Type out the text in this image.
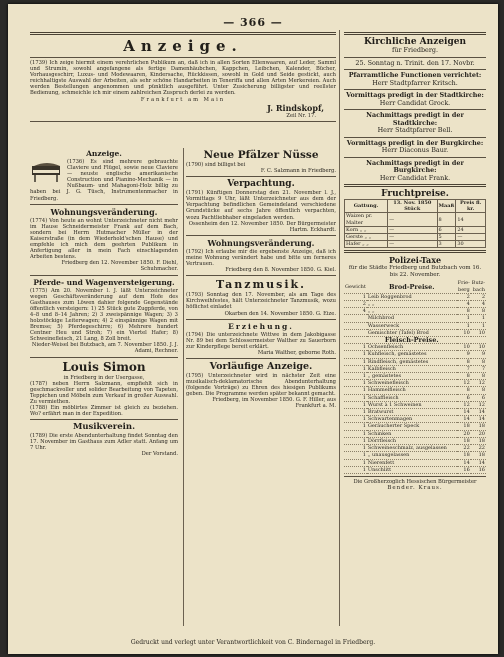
— 366 —
Anzeige.

(1739) Ich zeige hiermit einem verehrlichen Publikum an, daß ich in allen Sorten Ellenwaaren, auf Leder, Samml und Strumin, sowohl angefangene als fertige Damenhäubchen, Kappchen, Leibchen, Kalender, Bücher, Vorhausgeschirr, Luxus- und Modewaaren, Kindersache, Rückkissen, sowohl in Gold und Seide gestickt, auch reichhaltigste Auswahl der Arbeiten, als sehr schöne Handarbeiten in Teneriffa und allen Arten Merkereien. Auch werden Bestellungen angenommen und pünktlich ausgeführt. Unter Zusicherung billigster und reellster Bedienung, schmeichle ich mir einem zahlreichen Zuspruch derlei zu werden.

Frankfurt am Main
J. Rindskopf,
Zeil Nr. 17.
Anzeige.

(1736) Es sind mehrere gebrauchte Claviere und Flügel, sowie neue Claviere — neuste englische amerikanische Construction und Pianino-Mechanik — in Nußbaum- und Mahagoni-Holz billig zu haben bei J. G. Tüsch, Instrumentenmacher in Friedberg.

Wohnungsveränderung.

(1774) Von heute an wohnt Unterzeichneter nicht mehr im Hause Schneidermeister Frank auf dem Bach, sondern bei Herrn Hutmacher Müller in der Kaiserstraße (in dem Wiederhold'schen Hause) und empfehle ich mich dem geehrten Publikum in Anfertigung aller in mein Fach einschlagenden Arbeiten bestens.

Friedberg den 12. November 1850. F. Diehl, Schuhmacher.

Pferde- und Wagenversteigerung.

(1775) Am 20. November l. J. läßt Unterzeichneter wegen Geschäftsveränderung auf dem Hofe des Gasthauses zum Löwen dahier folgende Gegenstände öffentlich versteigern: 1) 25 Stück gute Zugpferde, von 4–8 und 8–14 Jahren; 2) 3 zweispännige Wagen; 3) 3 holzstöckige Leiterwagen; 4) 2 einspännige Wagen mit Bremse; 5) Pferdegeschirre; 6) Mehrere hundert Centner Heu und Stroh; 7) ein Viertel Hafer; 8) Schweinefleisch, 21 Lang, 8 Zoll breit.

Nieder-Weisel bei Butzbach, am 7. November 1850. J. J. Adami, Rechner.

Louis Simon
in Friedberg in der Usergasse,

(1787) neben Herrn Salzmann, empfiehlt sich in geschmackvoller und solider Bearbeitung von Tapeten, Teppichen und Möbeln zum Verkauf in großer Auswahl. Zu vermiethen.

(1788) Ein möblirtes Zimmer ist gleich zu beziehen. Wo? erfährt man in der Expedition.

Musikverein.

(1789) Die erste Abendunterhaltung findet Sonntag den 17. November im Gasthaus zum Adler statt. Anfang um 7 Uhr.

Der Vorstand.

Neue Pfälzer Nüsse

(1790) sind billigst bei

F. C. Salzmann in Friedberg.

Verpachtung.

(1791) Künftigen Donnerstag den 21. November l. J., Vormittags 9 Uhr, läßt Unterzeichneter aus dem der Verpachtung befindlichen Gemeindeland verschiedene Grundstücke auf sechs Jahre öffentlich verpachten, wozu Pachtliebhaber eingeladen werden.

Ossenheim den 12. November 1850. Der Bürgermeister Hartm. Eckhardt.

Wohnungsveränderung.

(1792) Ich erlaube mir die ergebenste Anzeige, daß ich meine Wohnung verändert habe und bitte um ferneres Vertrauen.

Friedberg den 8. November 1850. G. Kiel.

Tanzmusik.

(1793) Sonntag den 17. November, als am Tage des Kirchweihfestes, hält Unterzeichneter Tanzmusik, wozu höflichst einladet

Okarben den 14. November 1850. G. Eize.

Erziehung.

(1794) Die unterzeichnete Wittwe in dem Jakobigasse Nr. 89 bei dem Schlossermeister Walther zu Sauerborn zur Kinderpflege bereit erklärt.

Maria Walther, geborne Roth.

Vorläufige Anzeige.

(1795) Unterzeichneter wird in nächster Zeit eine musikalisch-deklamatorische Abendunterhaltung (folgende Vorträge) zu Ehren des hiesigen Publikums geben. Die Programme werden später bekannt gemacht.

Friedberg, im November 1850. G. F. Hiller, aus Frankfurt a. M.

Kirchliche Anzeigen
für Friedberg.
25. Sonntag n. Trinit. den 17. Novbr.
Pfarramtliche Functionen verrichtet:
Herr Stadtpfarrer Kritsch.
Vormittags predigt in der Stadtkirche:
Herr Candidat Grock.
Nachmittags predigt in der Stadtkirche:
Herr Stadtpfarrer Bell.
Vormittags predigt in der Burgkirche:
Herr Diaconus Baur.
Nachmittags predigt in der Burgkirche:
Herr Candidat Frank.
Fruchtpreise.
Gattung.	13. Nov. 1850 Stück	Maaß	Preis fl. kr.
Waizen pr. Malter	—	8	14
Korn „ „	—	6	24
Gerste „ „	—	5	—
Hafer „ „	—	3	30
Polizei-Taxe
für die Städte Friedberg und Butzbach vom 16. bis 22. November.
Gewicht	Brod-Preise.	Frie-berg	Butz-bach
1	Leib Roggenbrod	2	2
2	„ „	4	4
4	„ „	8	8
	Milchbrod	1	1
	Wasserweck	1	1
	Gemischter (Tafel) Brod	10	10
	Fleisch-Preise.		
1	Ochsenfleisch	10	10
1	Kuhfleisch, gemästetes	9	9
1	Rindfleisch, gemästetes	8	8
1	Kalbfleisch	7	7
1	„ gemästetes	8	8
1	Schweinefleisch	12	12
1	Hammelfleisch	8	8
1	Schaffleisch	6	6
1	Wurst à 1 Schweinen	12	12
1	Bratwurst	14	14
1	Schwartenmagen	14	14
1	Geräucherter Speck	18	18
1	Schinken	20	20
1	Dörrfleisch	18	18
1	Schweineschmalz, ausgelassen	22	22
1	„ unausgelassen	18	18
1	Nierenfett	14	14
1	Unschlitt	16	16
Die Großherzoglich Hessischen Bürgermeister
Bender. Kraus.
Gedruckt und verlegt unter Verantwortlichkeit von C. Bindernagel in Friedberg.
